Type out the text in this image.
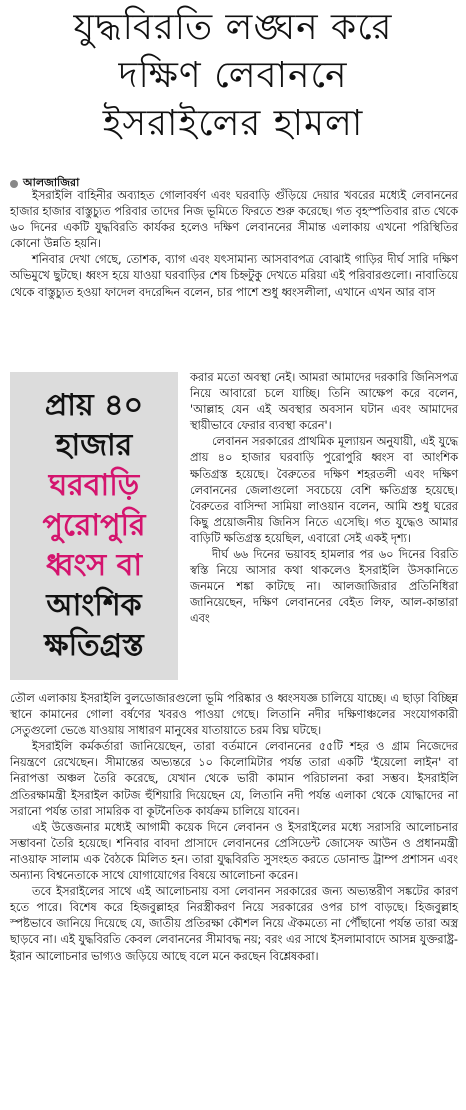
যুদ্ধবিরতি লঙ্ঘন করে
দক্ষিণ লেবাননে
ইসরাইলের হামলা
আলজাজিরা

ইসরাইলি বাহিনীর অব্যাহত গোলাবর্ষণ এবং ঘরবাড়ি গুঁড়িয়ে দেয়ার খবরের মধ্যেই লেবাননের হাজার হাজার বাস্তুচ্যুত পরিবার তাদের নিজ ভূমিতে ফিরতে শুরু করেছে। গত বৃহস্পতিবার রাত থেকে ৬০ দিনের একটি যুদ্ধবিরতি কার্যকর হলেও দক্ষিণ লেবাননের সীমান্ত এলাকায় এখনো পরিস্থিতির কোনো উন্নতি হয়নি।

শনিবার দেখা গেছে, তোশক, ব্যাগ এবং যৎসামান্য আসবাবপত্র বোঝাই গাড়ির দীর্ঘ সারি দক্ষিণ অভিমুখে ছুটছে। ধ্বংস হয়ে যাওয়া ঘরবাড়ির শেষ চিহ্নটুকু দেখতে মরিয়া এই পরিবারগুলো। নাবাতিয়ে থেকে বাস্তুচ্যুত হওয়া ফাদেল বদরেদ্দিন বলেন, চার পাশে শুধু ধ্বংসলীলা, এখানে এখন আর বাস

প্রায় ৪০
হাজার
ঘরবাড়ি
পুরোপুরি
ধ্বংস বা
আংশিক
ক্ষতিগ্রস্ত

করার মতো অবস্থা নেই। আমরা আমাদের দরকারি জিনিসপত্র নিয়ে আবারো চলে যাচ্ছি। তিনি আক্ষেপ করে বলেন, 'আল্লাহ যেন এই অবস্থার অবসান ঘটান এবং আমাদের স্থায়ীভাবে ফেরার ব্যবস্থা করেন'।

লেবানন সরকারের প্রাথমিক মূল্যায়ন অনুযায়ী, এই যুদ্ধে প্রায় ৪০ হাজার ঘরবাড়ি পুরোপুরি ধ্বংস বা আংশিক ক্ষতিগ্রস্ত হয়েছে। বৈরুতের দক্ষিণ শহরতলী এবং দক্ষিণ লেবাননের জেলাগুলো সবচেয়ে বেশি ক্ষতিগ্রস্ত হয়েছে। বৈরুতের বাসিন্দা সামিয়া লাওয়ান বলেন, আমি শুধু ঘরের কিছু প্রয়োজনীয় জিনিস নিতে এসেছি। গত যুদ্ধেও আমার বাড়িটি ক্ষতিগ্রস্ত হয়েছিল, এবারো সেই একই দৃশ্য।

দীর্ঘ ৬৬ দিনের ভয়াবহ হামলার পর ৬০ দিনের বিরতি স্বস্তি নিয়ে আসার কথা থাকলেও ইসরাইলি উসকানিতে জনমনে শঙ্কা কাটছে না। আলজাজিরার প্রতিনিধিরা জানিয়েছেন, দক্ষিণ লেবাননের বেইত লিফ, আল-কান্তারা এবং

তৌল এলাকায় ইসরাইলি বুলডোজারগুলো ভূমি পরিষ্কার ও ধ্বংসযজ্ঞ চালিয়ে যাচ্ছে। এ ছাড়া বিচ্ছিন্ন স্থানে কামানের গোলা বর্ষণের খবরও পাওয়া গেছে। লিতানি নদীর দক্ষিণাঞ্চলের সংযোগকারী সেতুগুলো ভেঙে যাওয়ায় সাধারণ মানুষের যাতায়াতে চরম বিঘ্ন ঘটছে।

ইসরাইলি কর্মকর্তারা জানিয়েছেন, তারা বর্তমানে লেবাননের ৫৫টি শহর ও গ্রাম নিজেদের নিয়ন্ত্রণে রেখেছেন। সীমান্তের অভ্যন্তরে ১০ কিলোমিটার পর্যন্ত তারা একটি 'ইয়েলো লাইন' বা নিরাপত্তা অঞ্চল তৈরি করেছে, যেখান থেকে ভারী কামান পরিচালনা করা সম্ভব। ইসরাইলি প্রতিরক্ষামন্ত্রী ইসরাইল কাটজ হুঁশিয়ারি দিয়েছেন যে, লিতানি নদী পর্যন্ত এলাকা থেকে যোদ্ধাদের না সরানো পর্যন্ত তারা সামরিক বা কূটনৈতিক কার্যক্রম চালিয়ে যাবেন।

এই উত্তেজনার মধ্যেই আগামী কয়েক দিনে লেবানন ও ইসরাইলের মধ্যে সরাসরি আলোচনার সম্ভাবনা তৈরি হয়েছে। শনিবার বাবদা প্রাসাদে লেবাননের প্রেসিডেন্ট জোসেফ আউন ও প্রধানমন্ত্রী নাওয়াফ সালাম এক বৈঠকে মিলিত হন। তারা যুদ্ধবিরতি সুসংহত করতে ডোনাল্ড ট্রাম্প প্রশাসন এবং অন্যান্য বিশ্বনেতাকে সাথে যোগাযোগের বিষয়ে আলোচনা করেন।

তবে ইসরাইলের সাথে এই আলোচনায় বসা লেবানন সরকারের জন্য অভ্যন্তরীণ সঙ্কটের কারণ হতে পারে। বিশেষ করে হিজবুল্লাহর নিরস্ত্রীকরণ নিয়ে সরকারের ওপর চাপ বাড়ছে। হিজবুল্লাহ স্পষ্টভাবে জানিয়ে দিয়েছে যে, জাতীয় প্রতিরক্ষা কৌশল নিয়ে ঐকমত্যে না পৌঁছানো পর্যন্ত তারা অস্ত্র ছাড়বে না। এই যুদ্ধবিরতি কেবল লেবাননের সীমাবদ্ধ নয়; বরং এর সাথে ইসলামাবাদে আসন্ন যুক্তরাষ্ট্র-ইরান আলোচনার ভাগ্যও জড়িয়ে আছে বলে মনে করছেন বিশ্লেষকরা।
